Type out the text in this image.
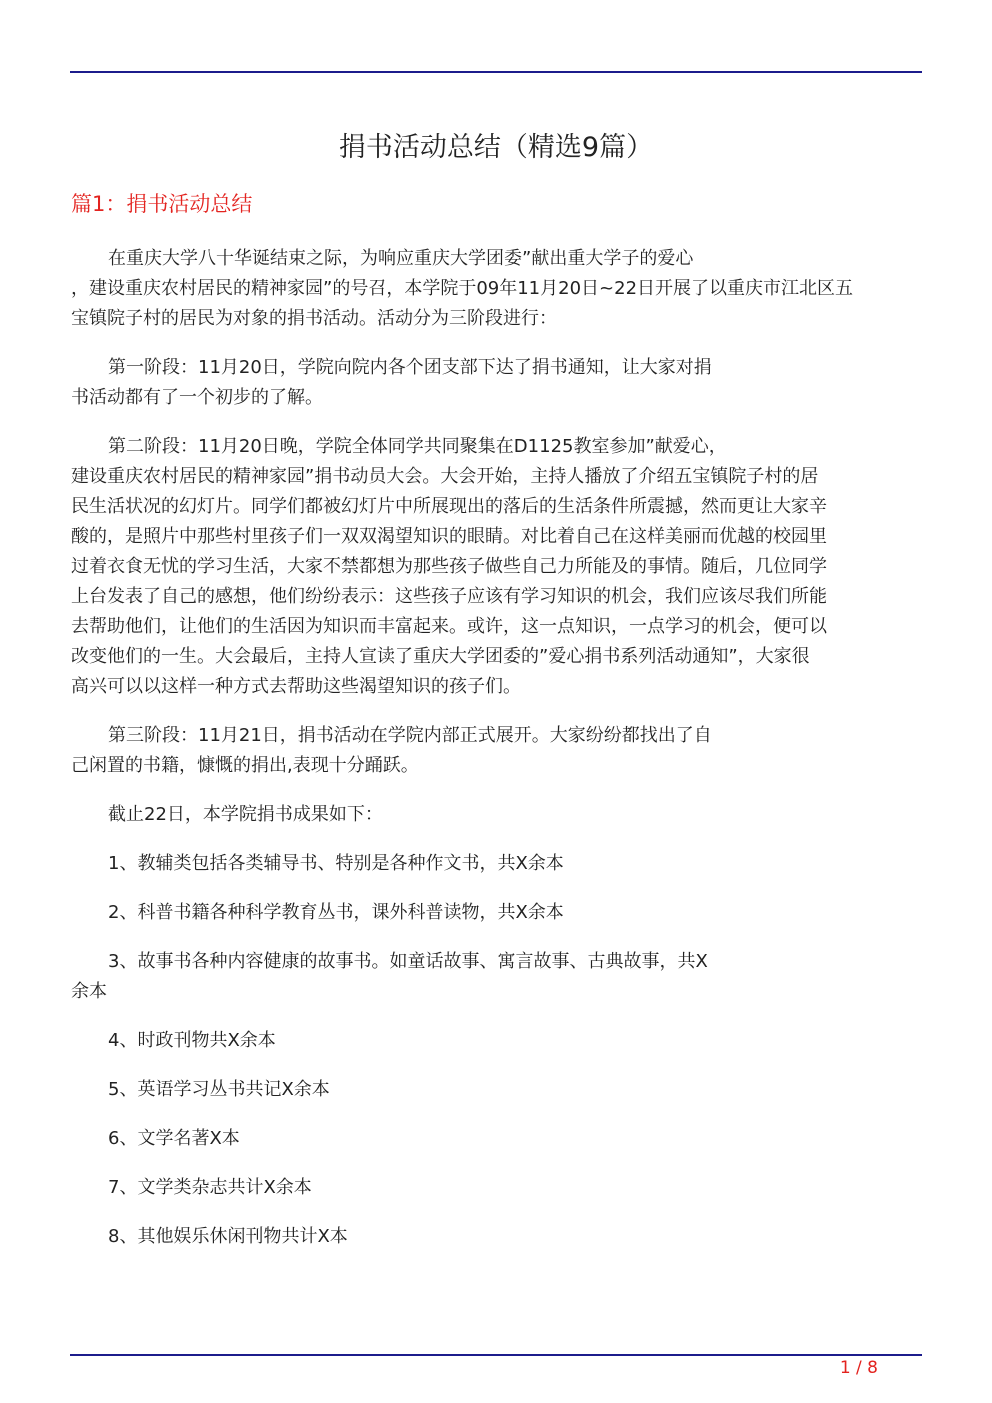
捐书活动总结（精选9篇）
篇1：捐书活动总结

在重庆大学八十华诞结束之际，为响应重庆大学团委”献出重大学子的爱心
，建设重庆农村居民的精神家园”的号召，本学院于09年11月20日~22日开展了以重庆市江北区五
宝镇院子村的居民为对象的捐书活动。活动分为三阶段进行：

第一阶段：11月20日，学院向院内各个团支部下达了捐书通知，让大家对捐
书活动都有了一个初步的了解。

第二阶段：11月20日晚，学院全体同学共同聚集在D1125教室参加”献爱心，
建设重庆农村居民的精神家园”捐书动员大会。大会开始，主持人播放了介绍五宝镇院子村的居
民生活状况的幻灯片。同学们都被幻灯片中所展现出的落后的生活条件所震撼，然而更让大家辛
酸的，是照片中那些村里孩子们一双双渴望知识的眼睛。对比着自己在这样美丽而优越的校园里
过着衣食无忧的学习生活，大家不禁都想为那些孩子做些自己力所能及的事情。随后，几位同学
上台发表了自己的感想，他们纷纷表示：这些孩子应该有学习知识的机会，我们应该尽我们所能
去帮助他们，让他们的生活因为知识而丰富起来。或许，这一点知识，一点学习的机会，便可以
改变他们的一生。大会最后，主持人宣读了重庆大学团委的”爱心捐书系列活动通知”，大家很
高兴可以以这样一种方式去帮助这些渴望知识的孩子们。

第三阶段：11月21日，捐书活动在学院内部正式展开。大家纷纷都找出了自
己闲置的书籍，慷慨的捐出,表现十分踊跃。

截止22日，本学院捐书成果如下：

1、教辅类包括各类辅导书、特别是各种作文书，共X余本

2、科普书籍各种科学教育丛书，课外科普读物，共X余本

3、故事书各种内容健康的故事书。如童话故事、寓言故事、古典故事，共X
余本

4、时政刊物共X余本

5、英语学习丛书共记X余本

6、文学名著X本

7、文学类杂志共计X余本

8、其他娱乐休闲刊物共计X本

1 / 8
